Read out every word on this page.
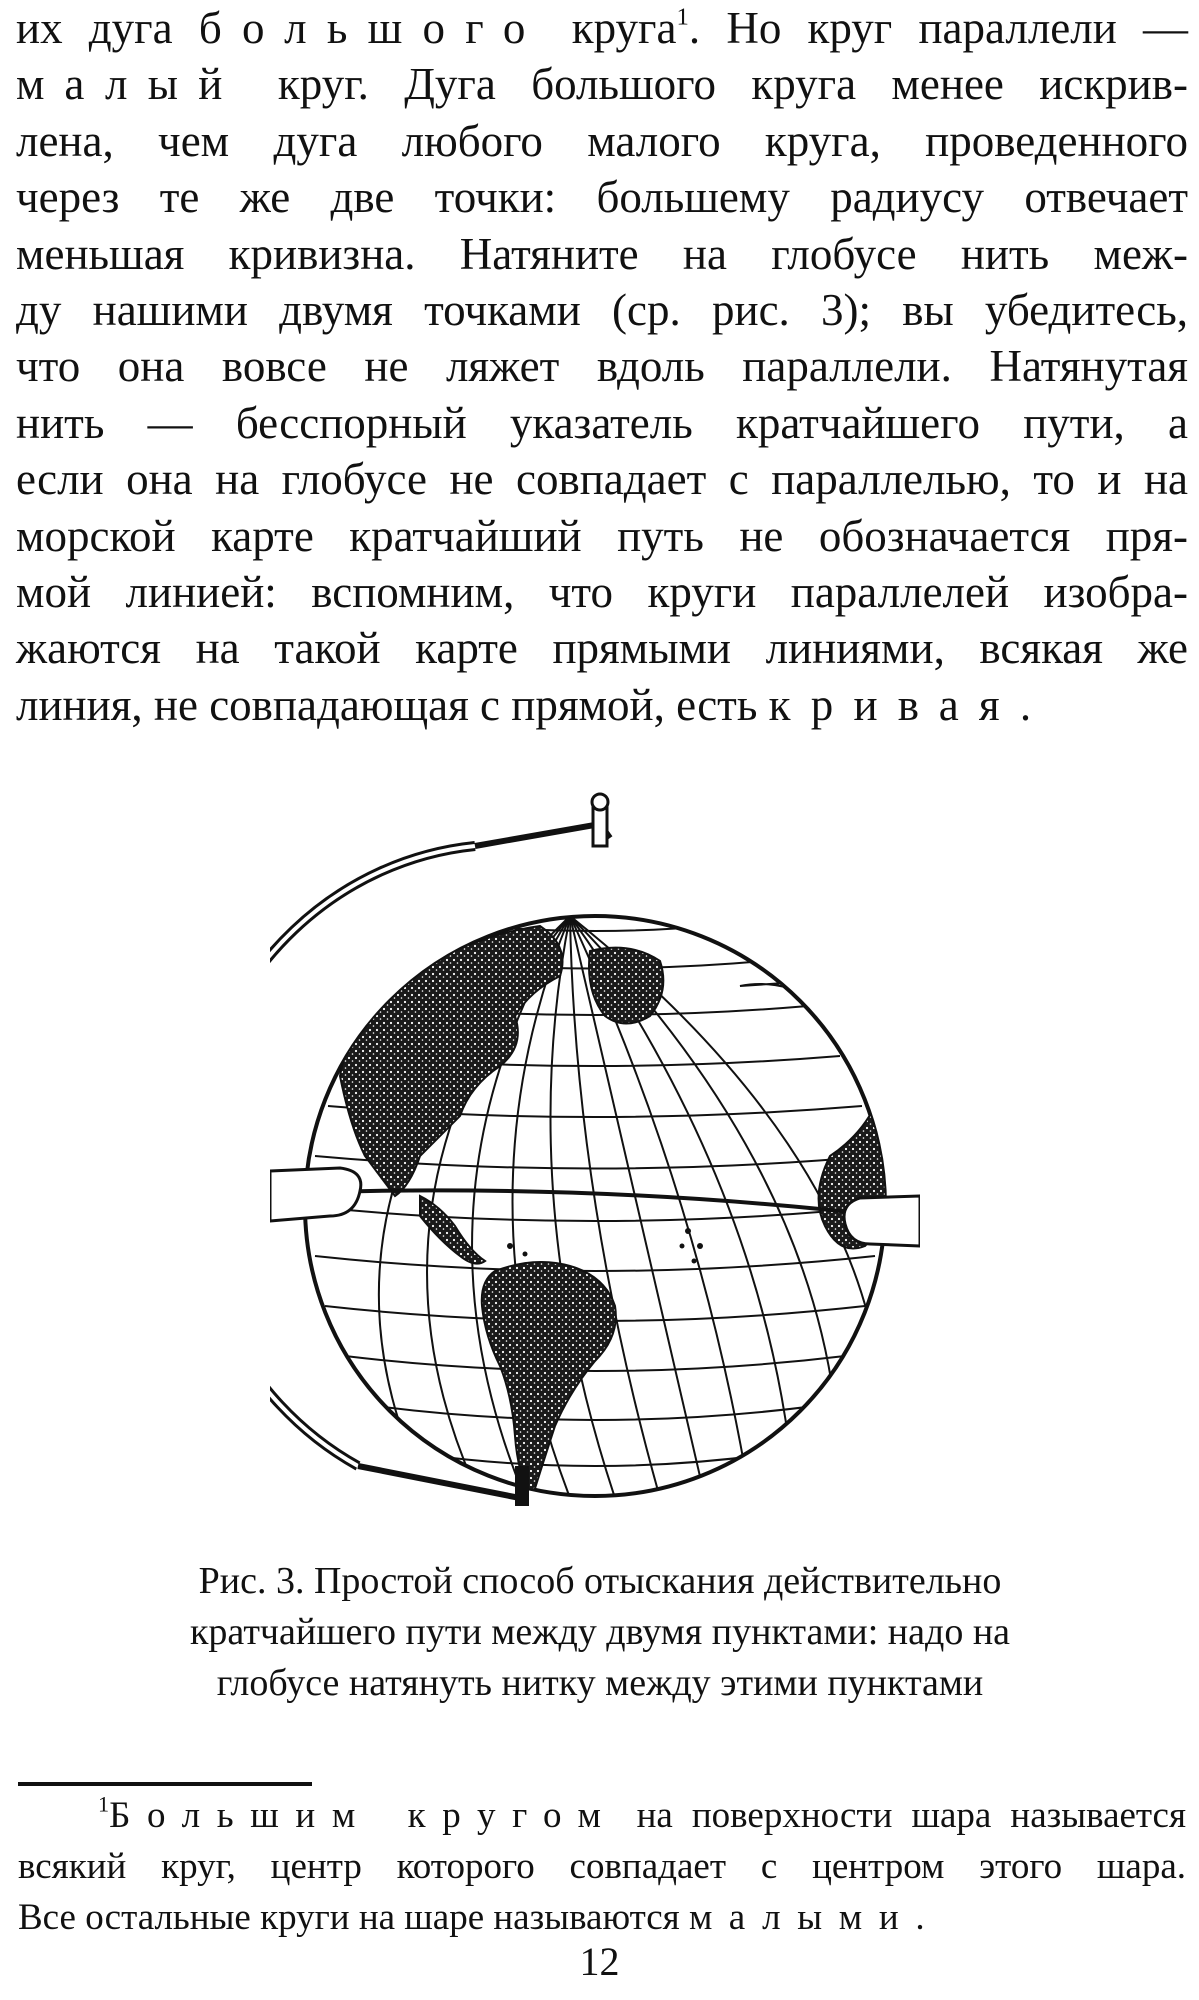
их дуга большого круга$^1$. Но круг параллели —
малый круг. Дуга большого круга менее искрив-
лена, чем дуга любого малого круга, проведенного
через те же две точки: большему радиусу отвечает
меньшая кривизна. Натяните на глобусе нить меж-
ду нашими двумя точками (ср. рис. 3); вы убедитесь,
что она вовсе не ляжет вдоль параллели. Натянутая
нить — бесспорный указатель кратчайшего пути, а
если она на глобусе не совпадает с параллелью, то и на
морской карте кратчайший путь не обозначается пря-
мой линией: вспомним, что круги параллелей изобра-
жаются на такой карте прямыми линиями, всякая же
линия, не совпадающая с прямой, есть кривая.
Рис. 3. Простой способ отыскания действительно
кратчайшего пути между двумя пунктами: надо на
глобусе натянуть нитку между этими пунктами
$^1$Большим кругом на поверхности шара называется
всякий круг, центр которого совпадает с центром этого шара.
Все остальные круги на шаре называются малыми.
12
